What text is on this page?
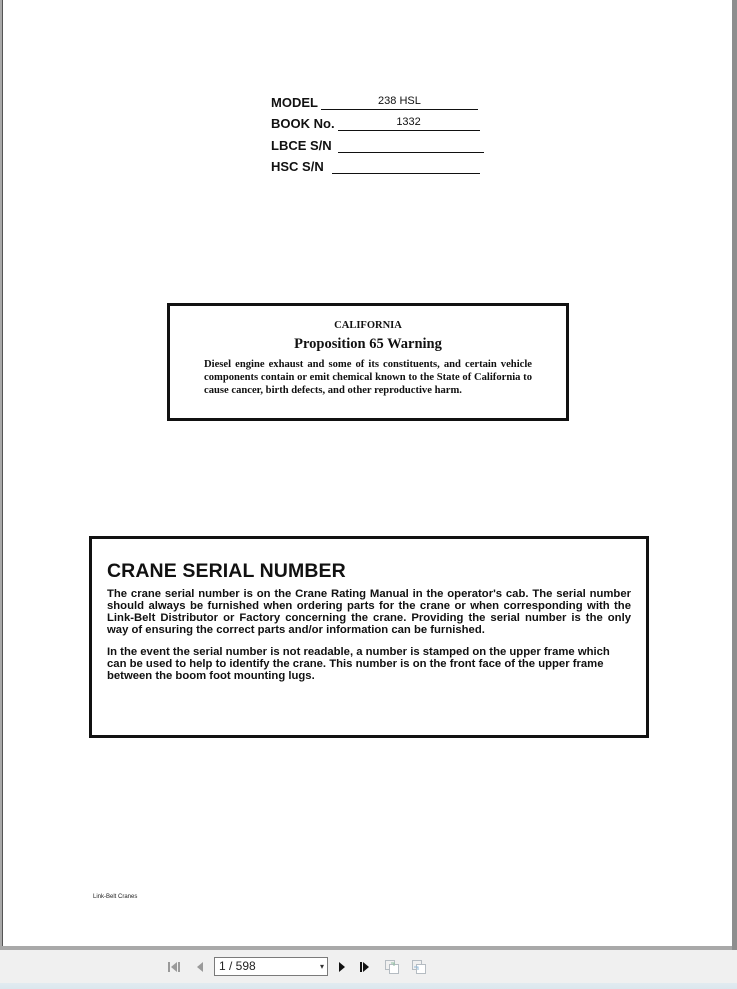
MODEL	238 HSL
BOOK No.	1332
LBCE S/N
HSC S/N
CALIFORNIA
Proposition 65 Warning
Diesel engine exhaust and some of its constituents, and certain vehicle components contain or emit chemical known to the State of California to cause cancer, birth defects, and other reproductive harm.
CRANE SERIAL NUMBER
The crane serial number is on the Crane Rating Manual in the operator's cab. The serial number should always be furnished when ordering parts for the crane or when corresponding with the Link-Belt Distributor or Factory concerning the crane. Providing the serial number is the only way of ensuring the correct parts and/or information can be furnished.
In the event the serial number is not readable, a number is stamped on the upper frame which can be used to help to identify the crane. This number is on the front face of the upper frame between the boom foot mounting lugs.
Link-Belt Cranes
1 / 598	▾
